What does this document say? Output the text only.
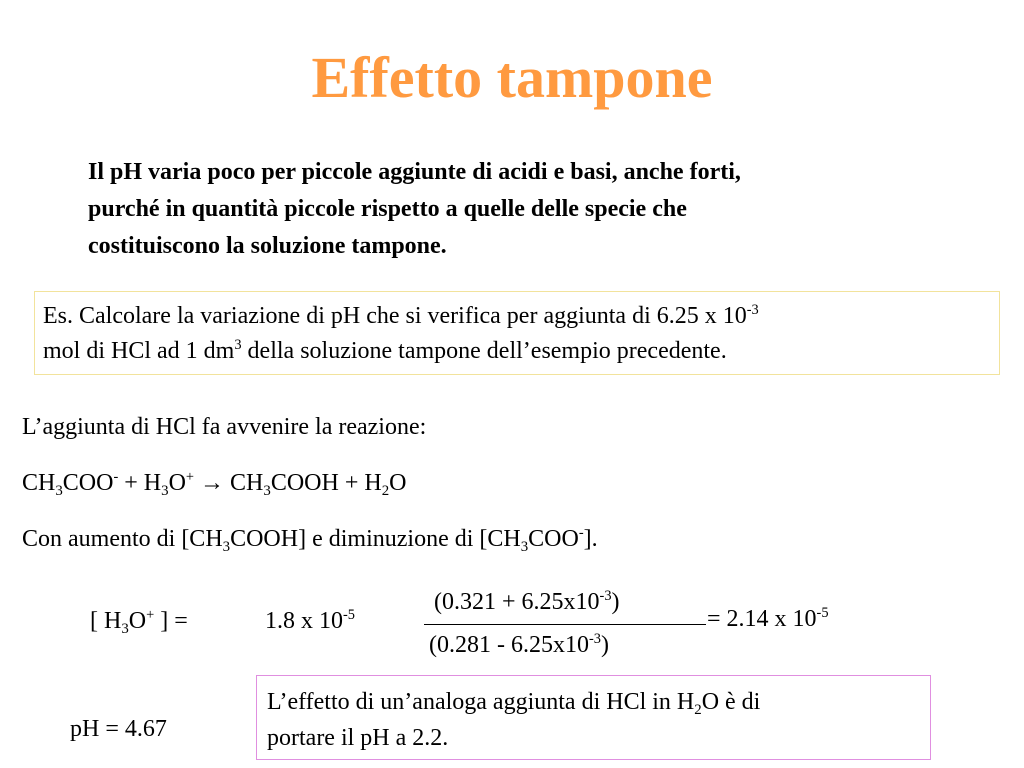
Effetto tampone
Il pH varia poco per piccole aggiunte di acidi e basi, anche forti,
purché in quantità piccole rispetto a quelle delle specie che
costituiscono la soluzione tampone.
Es. Calcolare la variazione di pH che si verifica per aggiunta di 6.25 x $10^{-3}$
mol di HCl ad 1 $dm^3$ della soluzione tampone dell’esempio precedente.
L’aggiunta di HCl fa avvenire la reazione:
$CH_3COO^- + H_3O^+$ → $CH_3COOH + H_2O$
Con aumento di $[CH_3COOH]$ e diminuzione di $[CH_3COO^-]$.
[ $H_3O^+$ ] =	1.8 x $10^{-5}$	$(0.321 + 6.25x10^{-3})$
$(0.281 - 6.25x10^{-3})$
= 2.14 x $10^{-5}$
pH = 4.67
L’effetto di un’analoga aggiunta di HCl in $H_2O$ è di
portare il pH a 2.2.
